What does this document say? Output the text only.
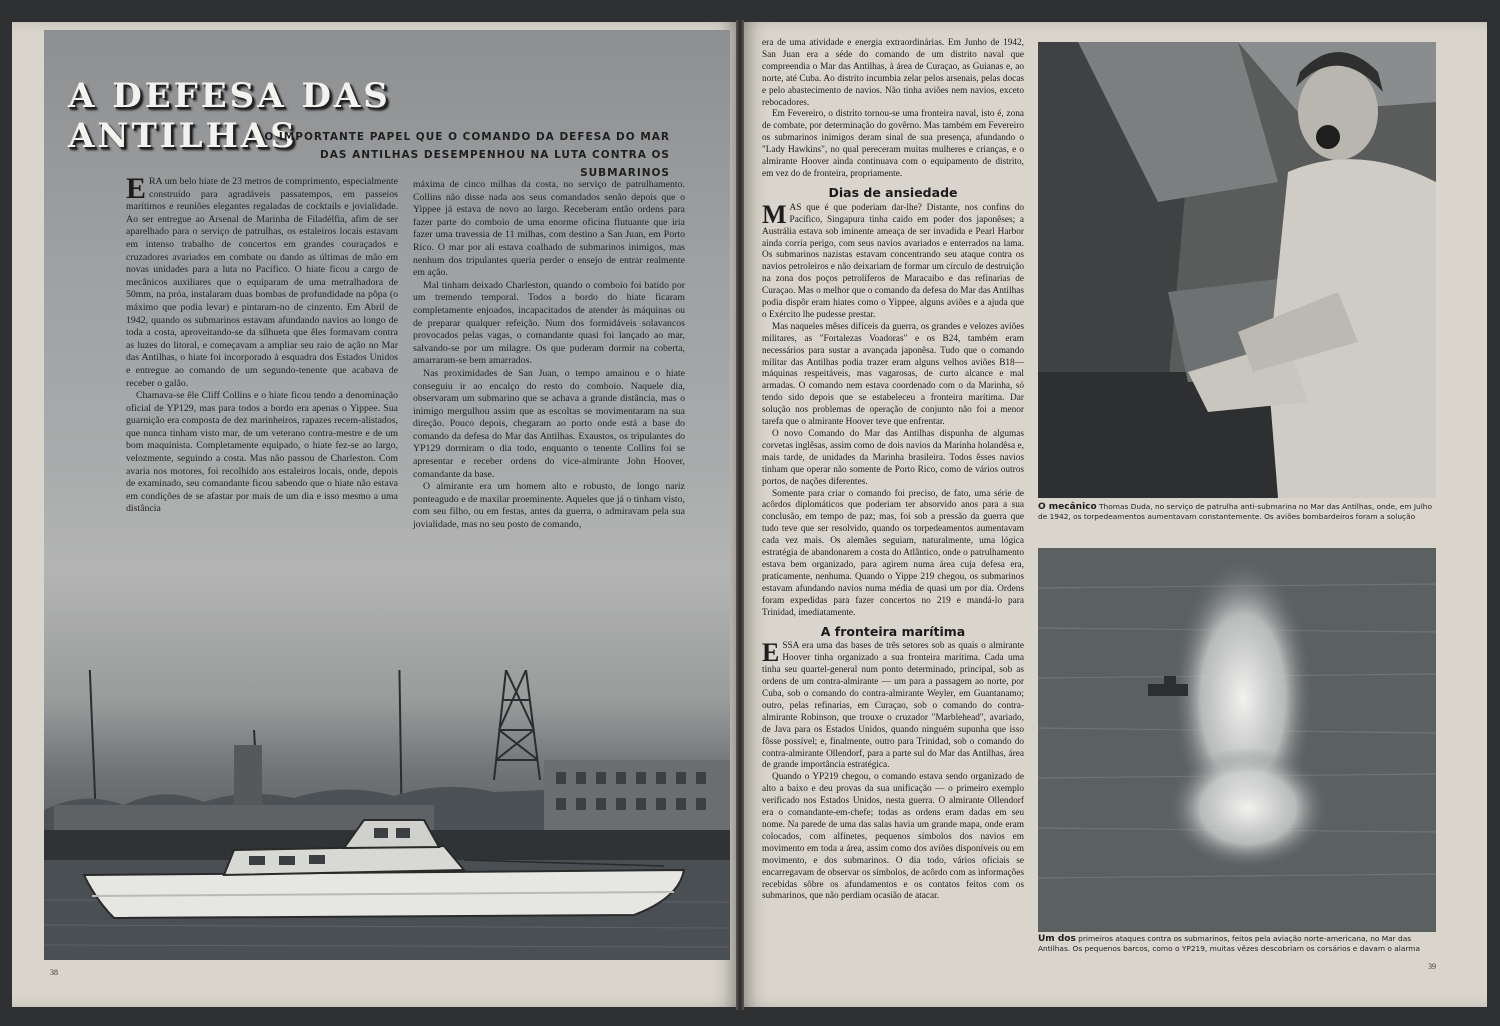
A DEFESA DAS ANTILHAS
O IMPORTANTE PAPEL QUE O COMANDO DA DEFESA DO MAR
DAS ANTILHAS DESEMPENHOU NA LUTA CONTRA OS SUBMARINOS

ERA um belo hiate de 23 metros de comprimento, especialmente construído para agradáveis passatempos, em passeios marítimos e reuniões elegantes regaladas de cocktails e jovialidade. Ao ser entregue ao Arsenal de Marinha de Filadélfia, afim de ser aparelhado para o serviço de patrulhas, os estaleiros locais estavam em intenso trabalho de concertos em grandes couraçados e cruzadores avariados em combate ou dando as últimas de mão em novas unidades para a luta no Pacífico. O hiate ficou a cargo de mecânicos auxiliares que o equiparam de uma metralhadora de 50mm, na próa, instalaram duas bombas de profundidade na pôpa (o máximo que podia levar) e pintaram-no de cinzento. Em Abril de 1942, quando os submarinos estavam afundando navios ao longo de toda a costa, aproveitando-se da silhueta que êles formavam contra as luzes do litoral, e começavam a ampliar seu raio de ação no Mar das Antilhas, o hiate foi incorporado à esquadra dos Estados Unidos e entregue ao comando de um segundo-tenente que acabava de receber o galão.

Chamava-se êle Cliff Collins e o hiate ficou tendo a denominação oficial de YP129, mas para todos a bordo era apenas o Yippee. Sua guarnição era composta de dez marinheiros, rapazes recem-alistados, que nunca tinham visto mar, de um veterano contra-mestre e de um bom maquinista. Completamente equipado, o hiate fez-se ao largo, velozmente, seguindo a costa. Mas não passou de Charleston. Com avaria nos motores, foi recolhido aos estaleiros locais, onde, depois de examinado, seu comandante ficou sabendo que o hiate não estava em condições de se afastar por mais de um dia e isso mesmo a uma distância

máxima de cinco milhas da costa, no serviço de patrulhamento. Collins não disse nada aos seus comandados senão depois que o Yippee já estava de novo ao largo. Receberam então ordens para fazer parte do comboio de uma enorme oficina flutuante que iria fazer uma travessia de 11 milhas, com destino a San Juan, em Porto Rico. O mar por ali estava coalhado de submarinos inimigos, mas nenhum dos tripulantes queria perder o ensejo de entrar realmente em ação.

Mal tinham deixado Charleston, quando o comboio foi batido por um tremendo temporal. Todos a bordo do hiate ficaram completamente enjoados, incapacitados de atender às máquinas ou de preparar qualquer refeição. Num dos formidáveis solavancos provocados pelas vagas, o comandante quasi foi lançado ao mar, salvando-se por um milagre. Os que puderam dormir na coberta, amarraram-se bem amarrados.

Nas proximidades de San Juan, o tempo amainou e o hiate conseguiu ir ao encalço do resto do comboio. Naquele dia, observaram um submarino que se achava a grande distância, mas o inimigo mergulhou assim que as escoltas se movimentaram na sua direção. Pouco depois, chegaram ao porto onde está a base do comando da defesa do Mar das Antilhas. Exaustos, os tripulantes do YP129 dormiram o dia todo, enquanto o tenente Collins foi se apresentar e receber ordens do vice-almirante John Hoover, comandante da base.

O almirante era um homem alto e robusto, de longo nariz ponteagudo e de maxilar proeminente. Aqueles que já o tinham visto, com seu filho, ou em festas, antes da guerra, o admiravam pela sua jovialidade, mas no seu posto de comando,

38

era de uma atividade e energia extraordinárias. Em Junho de 1942, San Juan era a séde do comando de um distrito naval que compreendia o Mar das Antilhas, à área de Curaçao, as Guianas e, ao norte, até Cuba. Ao distrito incumbia zelar pelos arsenais, pelas docas e pelo abastecimento de navios. Não tinha aviões nem navios, exceto rebocadores.

Em Fevereiro, o distrito tornou-se uma fronteira naval, isto é, zona de combate, por determinação do govêrno. Mas também em Fevereiro os submarinos inimigos deram sinal de sua presença, afundando o "Lady Hawkins", no qual pereceram muitas mulheres e crianças, e o almirante Hoover ainda continuava com o equipamento de distrito, em vez do de fronteira, propriamente.

Dias de ansiedade

MAS que é que poderiam dar-lhe? Distante, nos confins do Pacífico, Singapura tinha caido em poder dos japonêses; a Austrália estava sob iminente ameaça de ser invadida e Pearl Harbor ainda corria perigo, com seus navios avariados e enterrados na lama. Os submarinos nazistas estavam concentrando seu ataque contra os navios petroleiros e não deixariam de formar um círculo de destruição na zona dos poços petrolíferos de Maracaibo e das refinarias de Curaçao. Mas o melhor que o comando da defesa do Mar das Antilhas podia dispôr eram hiates como o Yippee, alguns aviões e a ajuda que o Exército lhe pudesse prestar.

Mas naqueles mêses difíceis da guerra, os grandes e velozes aviões militares, as "Fortalezas Voadoras" e os B24, também eram necessários para sustar a avançada japonêsa. Tudo que o comando militar das Antilhas podia trazer eram alguns velhos aviões B18—máquinas respeitáveis, mas vagarosas, de curto alcance e mal armadas. O comando nem estava coordenado com o da Marinha, só tendo sido depois que se estabeleceu a fronteira marítima. Dar solução nos problemas de operação de conjunto não foi a menor tarefa que o almirante Hoover teve que enfrentar.

O novo Comando do Mar das Antilhas dispunha de algumas corvetas inglêsas, assim como de dois navios da Marinha holandêsa e, mais tarde, de unidades da Marinha brasileira. Todos êsses navios tinham que operar não somente de Porto Rico, como de vários outros portos, de nações diferentes.

Somente para criar o comando foi preciso, de fato, uma série de acôrdos diplomáticos que poderiam ter absorvido anos para a sua conclusão, em tempo de paz; mas, foi sob a pressão da guerra que tudo teve que ser resolvido, quando os torpedeamentos aumentavam cada vez mais. Os alemães seguiam, naturalmente, uma lógica estratégia de abandonarem a costa do Atlântico, onde o patrulhamento estava bem organizado, para agirem numa área cuja defesa era, praticamente, nenhuma. Quando o Yippe 219 chegou, os submarinos estavam afundando navios numa média de quasi um por dia. Ordens foram expedidas para fazer concertos no 219 e mandá-lo para Trinidad, imediatamente.

A fronteira marítima

ESSA era uma das bases de três setores sob as quais o almirante Hoover tinha organizado a sua fronteira marítima. Cada uma tinha seu quartel-general num ponto determinado, principal, sob as ordens de um contra-almirante — um para a passagem ao norte, por Cuba, sob o comando do contra-almirante Weyler, em Guantanamo; outro, pelas refinarias, em Curaçao, sob o comando do contra-almirante Robinson, que trouxe o cruzador "Marblehead", avariado, de Java para os Estados Unidos, quando ninguém supunha que isso fôsse possível; e, finalmente, outro para Trinidad, sob o comando do contra-almirante Ollendorf, para a parte sul do Mar das Antilhas, área de grande importância estratégica.

Quando o YP219 chegou, o comando estava sendo organizado de alto a baixo e deu provas da sua unificação — o primeiro exemplo verificado nos Estados Unidos, nesta guerra. O almirante Ollendorf era o comandante-em-chefe; todas as ordens eram dadas em seu nome. Na parede de uma das salas havia um grande mapa, onde eram colocados, com alfinetes, pequenos símbolos dos navios em movimento em toda a área, assim como dos aviões disponíveis ou em movimento, e dos submarinos. O dia todo, vários oficiais se encarregavam de observar os símbolos, de acôrdo com as informações recebidas sôbre os afundamentos e os contatos feitos com os submarinos, que não perdiam ocasião de atacar.

O mecânico Thomas Duda, no serviço de patrulha anti-submarina no Mar das Antilhas, onde, em Julho de 1942, os torpedeamentos aumentavam constantemente. Os aviões bombardeiros foram a solução
Um dos primeiros ataques contra os submarinos, feitos pela aviação norte-americana, no Mar das Antilhas. Os pequenos barcos, como o YP219, muitas vêzes descobriam os corsários e davam o alarma
39
